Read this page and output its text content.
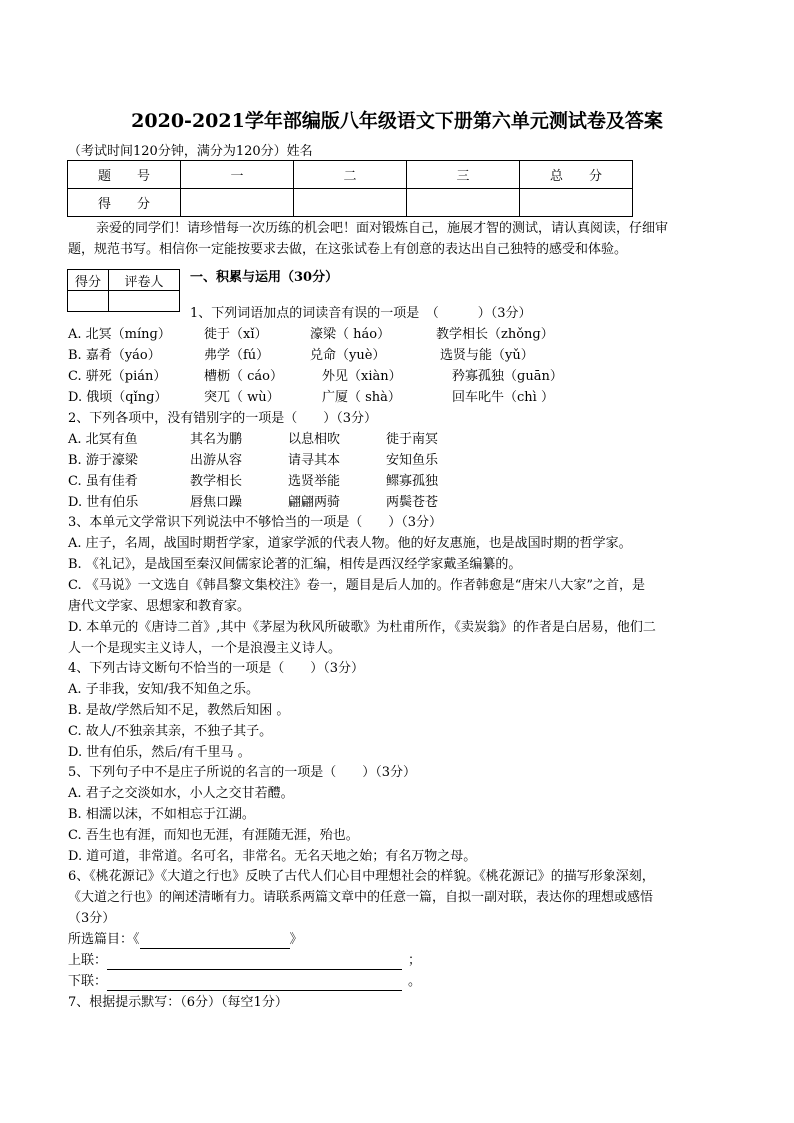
2020-2021学年部编版八年级语文下册第六单元测试卷及答案
（考试时间120分钟，满分为120分）姓名
题　　号	一	二	三	总　　分
得　　分				
亲爱的同学们！请珍惜每一次历练的机会吧！面对锻炼自己，施展才智的测试，请认真阅读，仔细审
题，规范书写。相信你一定能按要求去做，在这张试卷上有创意的表达出自己独特的感受和体验。
得分	评卷人
	一、积累与运用（30分）
1、下列词语加点的词读音有误的一项是　（　　　）（3分）
A. 北冥（mínɡ）	徙于（xǐ）	濠梁（ háo）	教学相长（zhǒnɡ）
B. 嘉肴（yáo）	弗学（fú）	兑命（yuè）	选贤与能（yǔ）
C. 骈死（pián）	槽枥（ cáo）	外见（xiàn）	矜寡孤独（ɡuān）
D. 俄顷（qǐnɡ）	突兀（ wù）	广厦（ shà）	回车叱牛（chì ）
2、下列各项中，没有错别字的一项是（　　）（3分）
A. 北冥有鱼	其名为鹏	以息相吹	徙于南冥
B. 游于濠梁	出游从容	请寻其本	安知鱼乐
C. 虽有佳肴	教学相长	选贤举能	鳏寡孤独
D. 世有伯乐	唇焦口躁	翩翩两骑	两鬓苍苍
3、本单元文学常识下列说法中不够恰当的一项是（　　）（3分）
A. 庄子，名周，战国时期哲学家，道家学派的代表人物。他的好友惠施，也是战国时期的哲学家。
B. 《礼记》，是战国至秦汉间儒家论著的汇编，相传是西汉经学家戴圣编纂的。
C. 《马说》一文选自《韩昌黎文集校注》卷一，题目是后人加的。作者韩愈是“唐宋八大家”之首，是
唐代文学家、思想家和教育家。
D. 本单元的《唐诗二首》,其中《茅屋为秋风所破歌》为杜甫所作，《卖炭翁》的作者是白居易，他们二
人一个是现实主义诗人，一个是浪漫主义诗人。
4、下列古诗文断句不恰当的一项是（　　）（3分）
A. 子非我，安知/我不知鱼之乐。
B. 是故/学然后知不足，教然后知困 。
C. 故人/不独亲其亲，不独子其子。
D. 世有伯乐，然后/有千里马 。
5、下列句子中不是庄子所说的名言的一项是（　　）（3分）
A. 君子之交淡如水，小人之交甘若醴。
B. 相濡以沫，不如相忘于江湖。
C. 吾生也有涯，而知也无涯，有涯随无涯，殆也。
D. 道可道，非常道。名可名，非常名。无名天地之始；有名万物之母。
6、《桃花源记》《大道之行也》反映了古代人们心目中理想社会的样貌。《桃花源记》的描写形象深刻，
《大道之行也》的阐述清晰有力。请联系两篇文章中的任意一篇，自拟一副对联，表达你的理想或感悟
（3分）
所选篇目：《	》
上联：	；
下联：	。
7、根据提示默写：（6分）（每空1分）
